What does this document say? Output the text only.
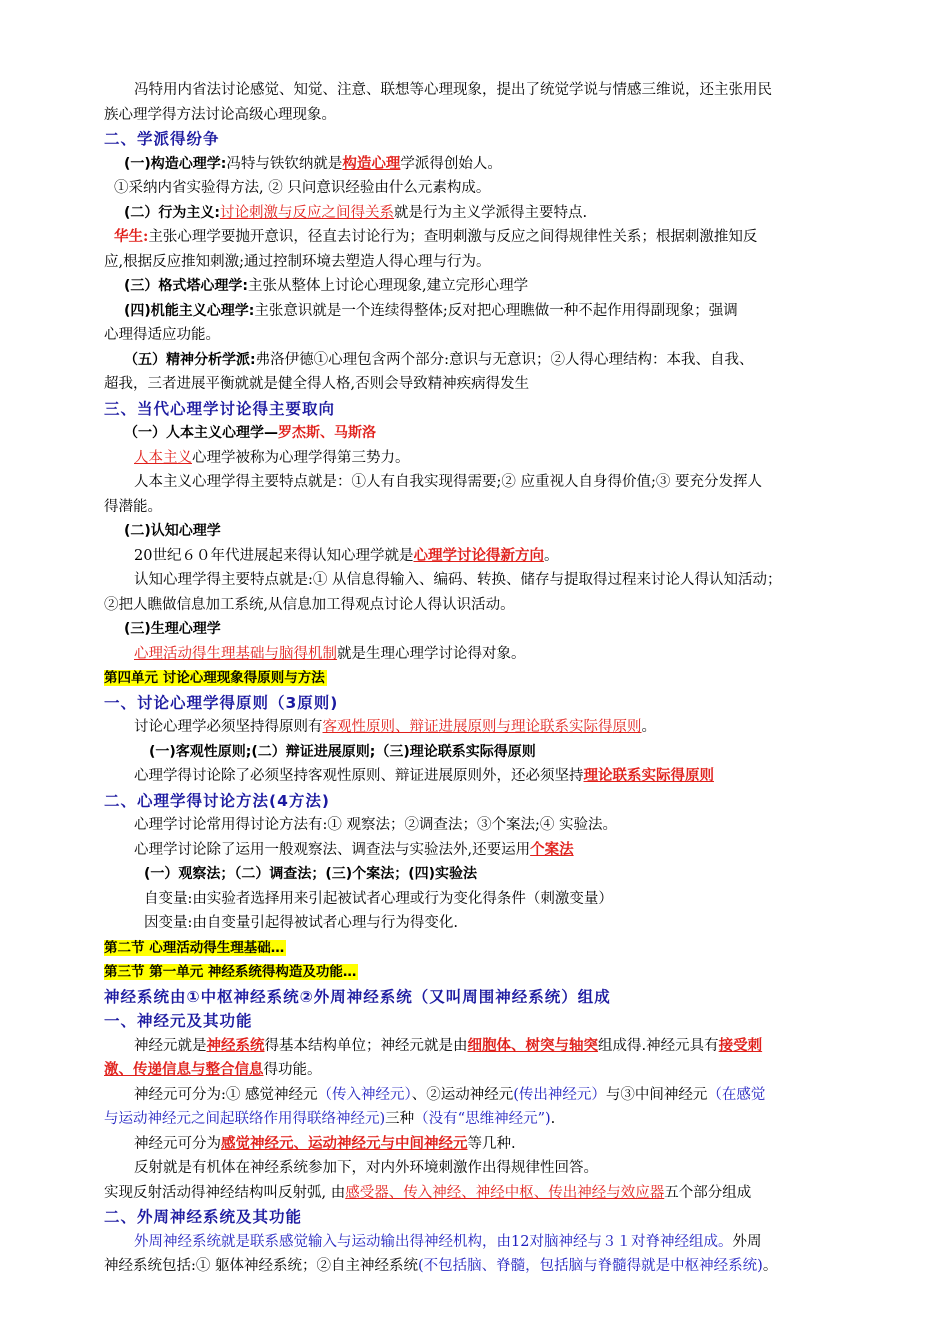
冯特用内省法讨论感觉、知觉、注意、联想等心理现象，提出了统觉学说与情感三维说，还主张用民
族心理学得方法讨论高级心理现象。
二、学派得纷争
(一)构造心理学:冯特与铁钦纳就是构造心理学派得创始人。
①采纳内省实验得方法, ② 只问意识经验由什么元素构成。
(二）行为主义:讨论刺激与反应之间得关系就是行为主义学派得主要特点.
华生:主张心理学要抛开意识，径直去讨论行为；查明刺激与反应之间得规律性关系；根据刺激推知反
应,根据反应推知刺激;通过控制环境去塑造人得心理与行为。
(三）格式塔心理学:主张从整体上讨论心理现象,建立完形心理学
(四)机能主义心理学:主张意识就是一个连续得整体;反对把心理瞧做一种不起作用得副现象；强调
心理得适应功能。
（五）精神分析学派:弗洛伊德①心理包含两个部分:意识与无意识；②人得心理结构：本我、自我、
超我，三者进展平衡就就是健全得人格,否则会导致精神疾病得发生
三、当代心理学讨论得主要取向
（一）人本主义心理学—罗杰斯、马斯洛
人本主义心理学被称为心理学得第三势力。
人本主义心理学得主要特点就是：①人有自我实现得需要;② 应重视人自身得价值;③ 要充分发挥人
得潜能。
(二)认知心理学
20世纪６０年代进展起来得认知心理学就是心理学讨论得新方向。
认知心理学得主要特点就是:① 从信息得输入、编码、转换、储存与提取得过程来讨论人得认知活动；
②把人瞧做信息加工系统,从信息加工得观点讨论人得认识活动。
(三)生理心理学
心理活动得生理基础与脑得机制就是生理心理学讨论得对象。
第四单元 讨论心理现象得原则与方法
一、讨论心理学得原则（3原则)
讨论心理学必须坚持得原则有客观性原则、辩证进展原则与理论联系实际得原则。
(一)客观性原则;(二）辩证进展原则;（三)理论联系实际得原则
心理学得讨论除了必须坚持客观性原则、辩证进展原则外，还必须坚持理论联系实际得原则
二、心理学得讨论方法(4方法)
心理学讨论常用得讨论方法有:① 观察法；②调查法；③个案法;④ 实验法。
心理学讨论除了运用一般观察法、调查法与实验法外,还要运用个案法
(一）观察法；（二）调查法；(三)个案法；(四)实验法
自变量:由实验者选择用来引起被试者心理或行为变化得条件（刺激变量）
因变量:由自变量引起得被试者心理与行为得变化.
第二节 心理活动得生理基础…
第三节 第一单元 神经系统得构造及功能…
神经系统由①中枢神经系统②外周神经系统（又叫周围神经系统）组成
一、神经元及其功能
神经元就是神经系统得基本结构单位；神经元就是由细胞体、树突与轴突组成得.神经元具有接受刺
激、传递信息与整合信息得功能。
神经元可分为:① 感觉神经元（传入神经元）、②运动神经元(传出神经元）与③中间神经元（在感觉
与运动神经元之间起联络作用得联络神经元)三种（没有“思维神经元”).
神经元可分为感觉神经元、运动神经元与中间神经元等几种.
反射就是有机体在神经系统参加下，对内外环境刺激作出得规律性回答。
实现反射活动得神经结构叫反射弧, 由感受器、传入神经、神经中枢、传出神经与效应器五个部分组成
二、外周神经系统及其功能
外周神经系统就是联系感觉输入与运动输出得神经机构，由12对脑神经与３１对脊神经组成。外周
神经系统包括:① 躯体神经系统；②自主神经系统(不包括脑、脊髓，包括脑与脊髓得就是中枢神经系统)。
